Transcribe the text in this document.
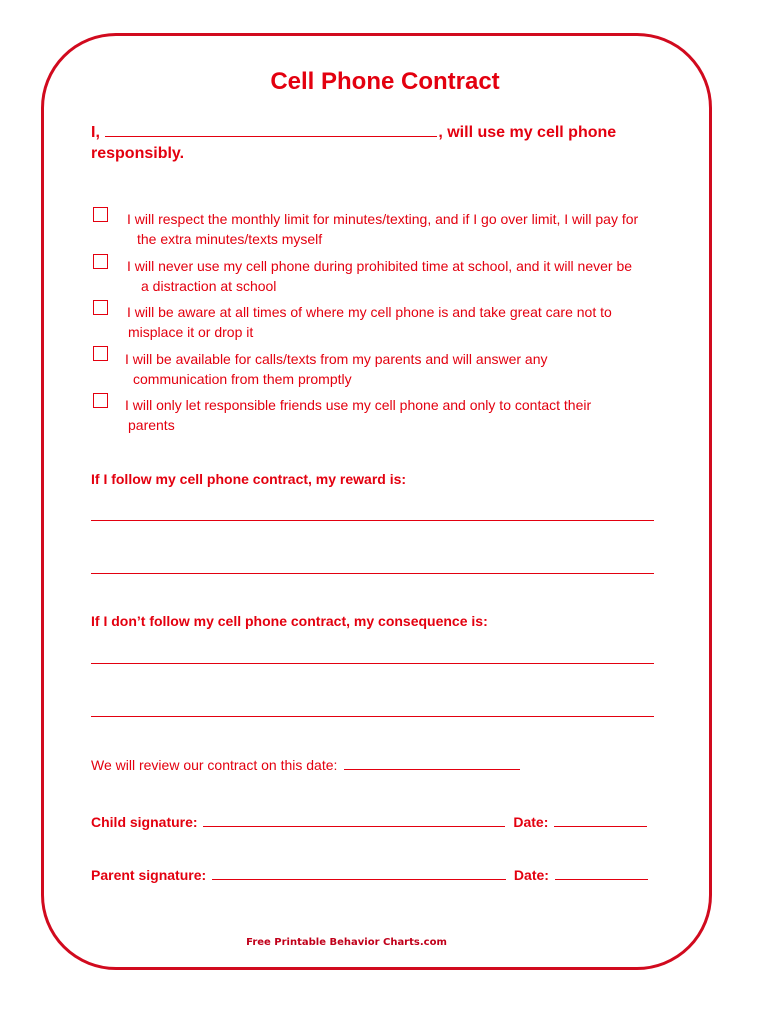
Cell Phone Contract
I,	, will use my cell phone
responsibly.
I will respect the monthly limit for minutes/texting, and if I go over limit, I will pay for
the extra minutes/texts myself
I will never use my cell phone during prohibited time at school, and it will never be
a distraction at school
I will be aware at all times of where my cell phone is and take great care not to
misplace it or drop it
I will be available for calls/texts from my parents and will answer any
communication from them promptly
I will only let responsible friends use my cell phone and only to contact their
parents
If I follow my cell phone contract, my reward is:
If I don’t follow my cell phone contract, my consequence is:
We will review our contract on this date:
Child signature:	Date:
Parent signature:	Date:
Free Printable Behavior Charts.com
